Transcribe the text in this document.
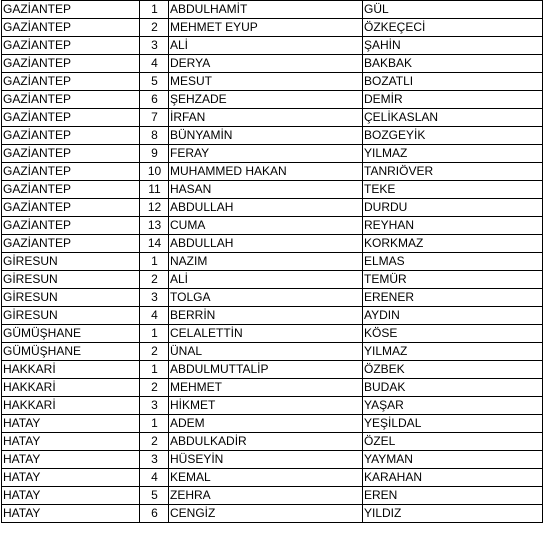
GAZİANTEP	1	ABDULHAMİT	GÜL
GAZİANTEP	2	MEHMET EYUP	ÖZKEÇECİ
GAZİANTEP	3	ALİ	ŞAHİN
GAZİANTEP	4	DERYA	BAKBAK
GAZİANTEP	5	MESUT	BOZATLI
GAZİANTEP	6	ŞEHZADE	DEMİR
GAZİANTEP	7	İRFAN	ÇELİKASLAN
GAZİANTEP	8	BÜNYAMİN	BOZGEYİK
GAZİANTEP	9	FERAY	YILMAZ
GAZİANTEP	10	MUHAMMED HAKAN	TANRIÖVER
GAZİANTEP	11	HASAN	TEKE
GAZİANTEP	12	ABDULLAH	DURDU
GAZİANTEP	13	CUMA	REYHAN
GAZİANTEP	14	ABDULLAH	KORKMAZ
GİRESUN	1	NAZIM	ELMAS
GİRESUN	2	ALİ	TEMÜR
GİRESUN	3	TOLGA	ERENER
GİRESUN	4	BERRİN	AYDIN
GÜMÜŞHANE	1	CELALETTİN	KÖSE
GÜMÜŞHANE	2	ÜNAL	YILMAZ
HAKKARİ	1	ABDULMUTTALİP	ÖZBEK
HAKKARİ	2	MEHMET	BUDAK
HAKKARİ	3	HİKMET	YAŞAR
HATAY	1	ADEM	YEŞİLDAL
HATAY	2	ABDULKADİR	ÖZEL
HATAY	3	HÜSEYİN	YAYMAN
HATAY	4	KEMAL	KARAHAN
HATAY	5	ZEHRA	EREN
HATAY	6	CENGİZ	YILDIZ
